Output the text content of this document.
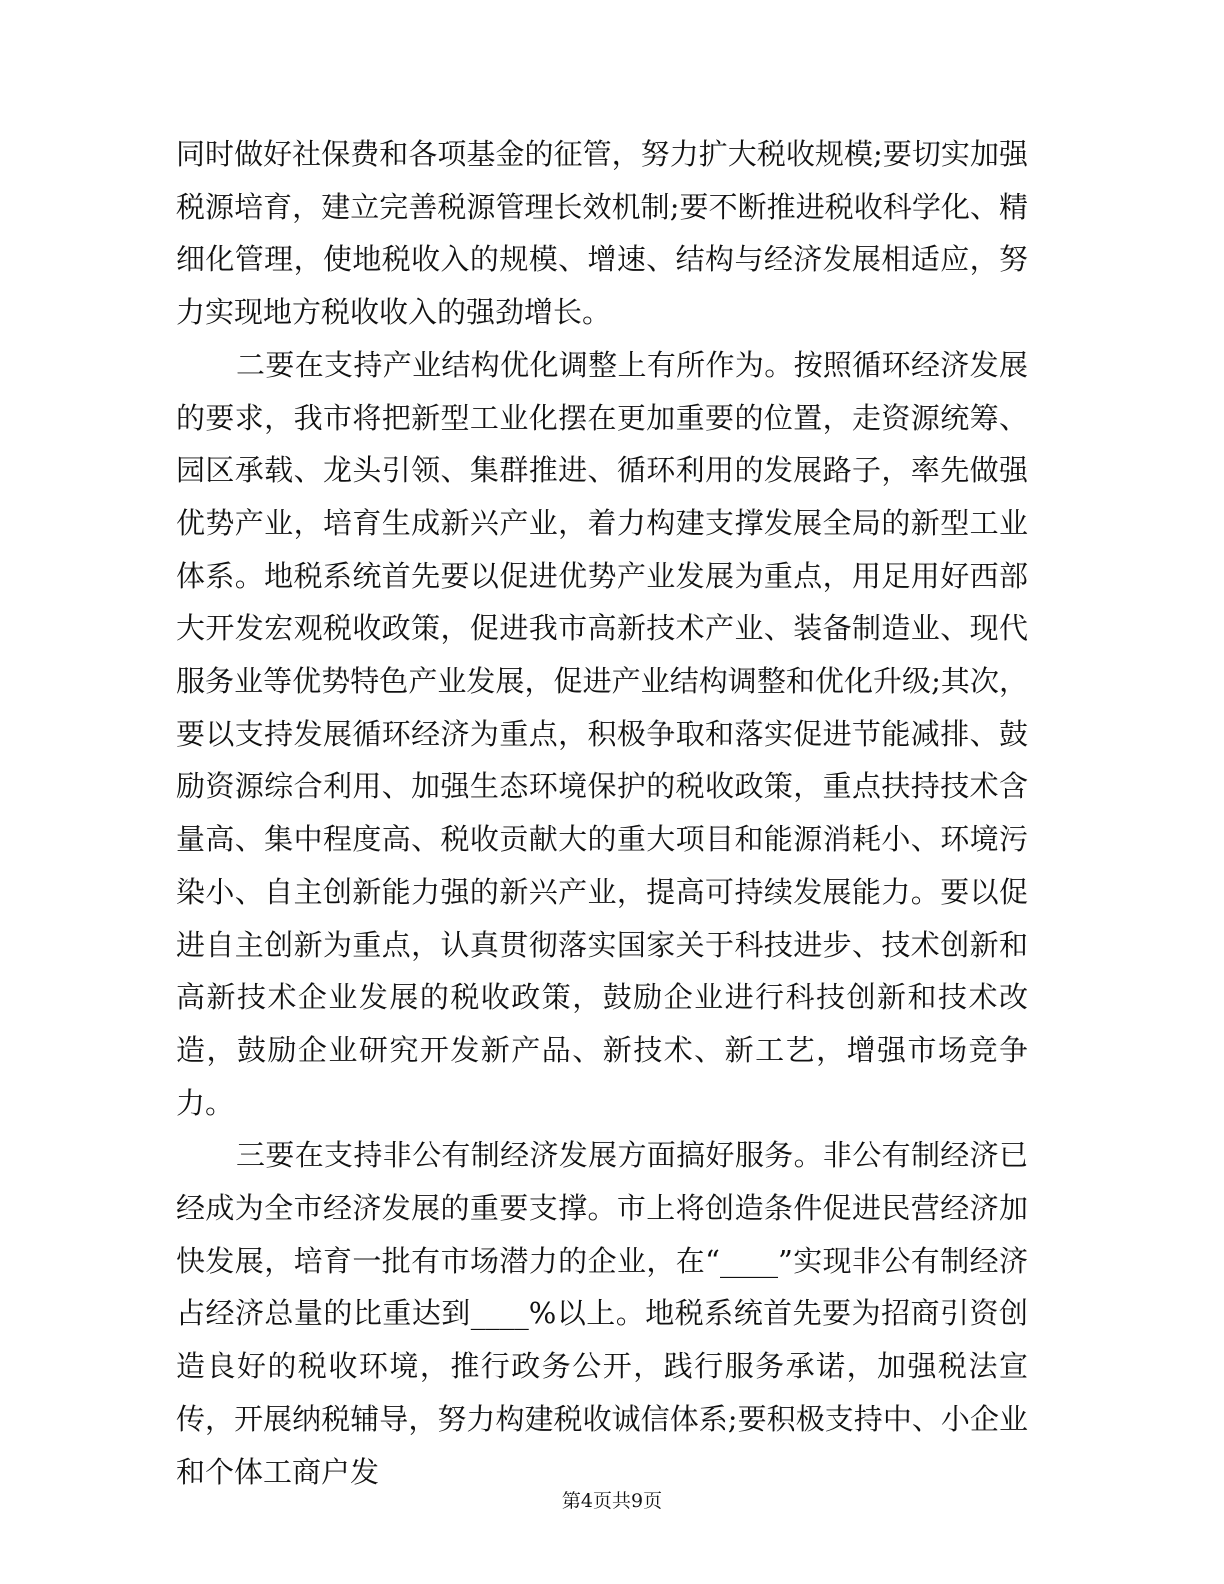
同时做好社保费和各项基金的征管，努力扩大税收规模;要切实加强税源培育，建立完善税源管理长效机制;要不断推进税收科学化、精细化管理，使地税收入的规模、增速、结构与经济发展相适应，努力实现地方税收收入的强劲增长。

二要在支持产业结构优化调整上有所作为。按照循环经济发展的要求，我市将把新型工业化摆在更加重要的位置，走资源统筹、园区承载、龙头引领、集群推进、循环利用的发展路子，率先做强优势产业，培育生成新兴产业，着力构建支撑发展全局的新型工业体系。地税系统首先要以促进优势产业发展为重点，用足用好西部大开发宏观税收政策，促进我市高新技术产业、装备制造业、现代服务业等优势特色产业发展，促进产业结构调整和优化升级;其次，要以支持发展循环经济为重点，积极争取和落实促进节能减排、鼓励资源综合利用、加强生态环境保护的税收政策，重点扶持技术含量高、集中程度高、税收贡献大的重大项目和能源消耗小、环境污染小、自主创新能力强的新兴产业，提高可持续发展能力。要以促进自主创新为重点，认真贯彻落实国家关于科技进步、技术创新和高新技术企业发展的税收政策，鼓励企业进行科技创新和技术改造，鼓励企业研究开发新产品、新技术、新工艺，增强市场竞争力。

三要在支持非公有制经济发展方面搞好服务。非公有制经济已经成为全市经济发展的重要支撑。市上将创造条件促进民营经济加快发展，培育一批有市场潜力的企业，在“____”实现非公有制经济占经济总量的比重达到____%以上。地税系统首先要为招商引资创造良好的税收环境，推行政务公开，践行服务承诺，加强税法宣传，开展纳税辅导，努力构建税收诚信体系;要积极支持中、小企业和个体工商户发

第4页共9页
